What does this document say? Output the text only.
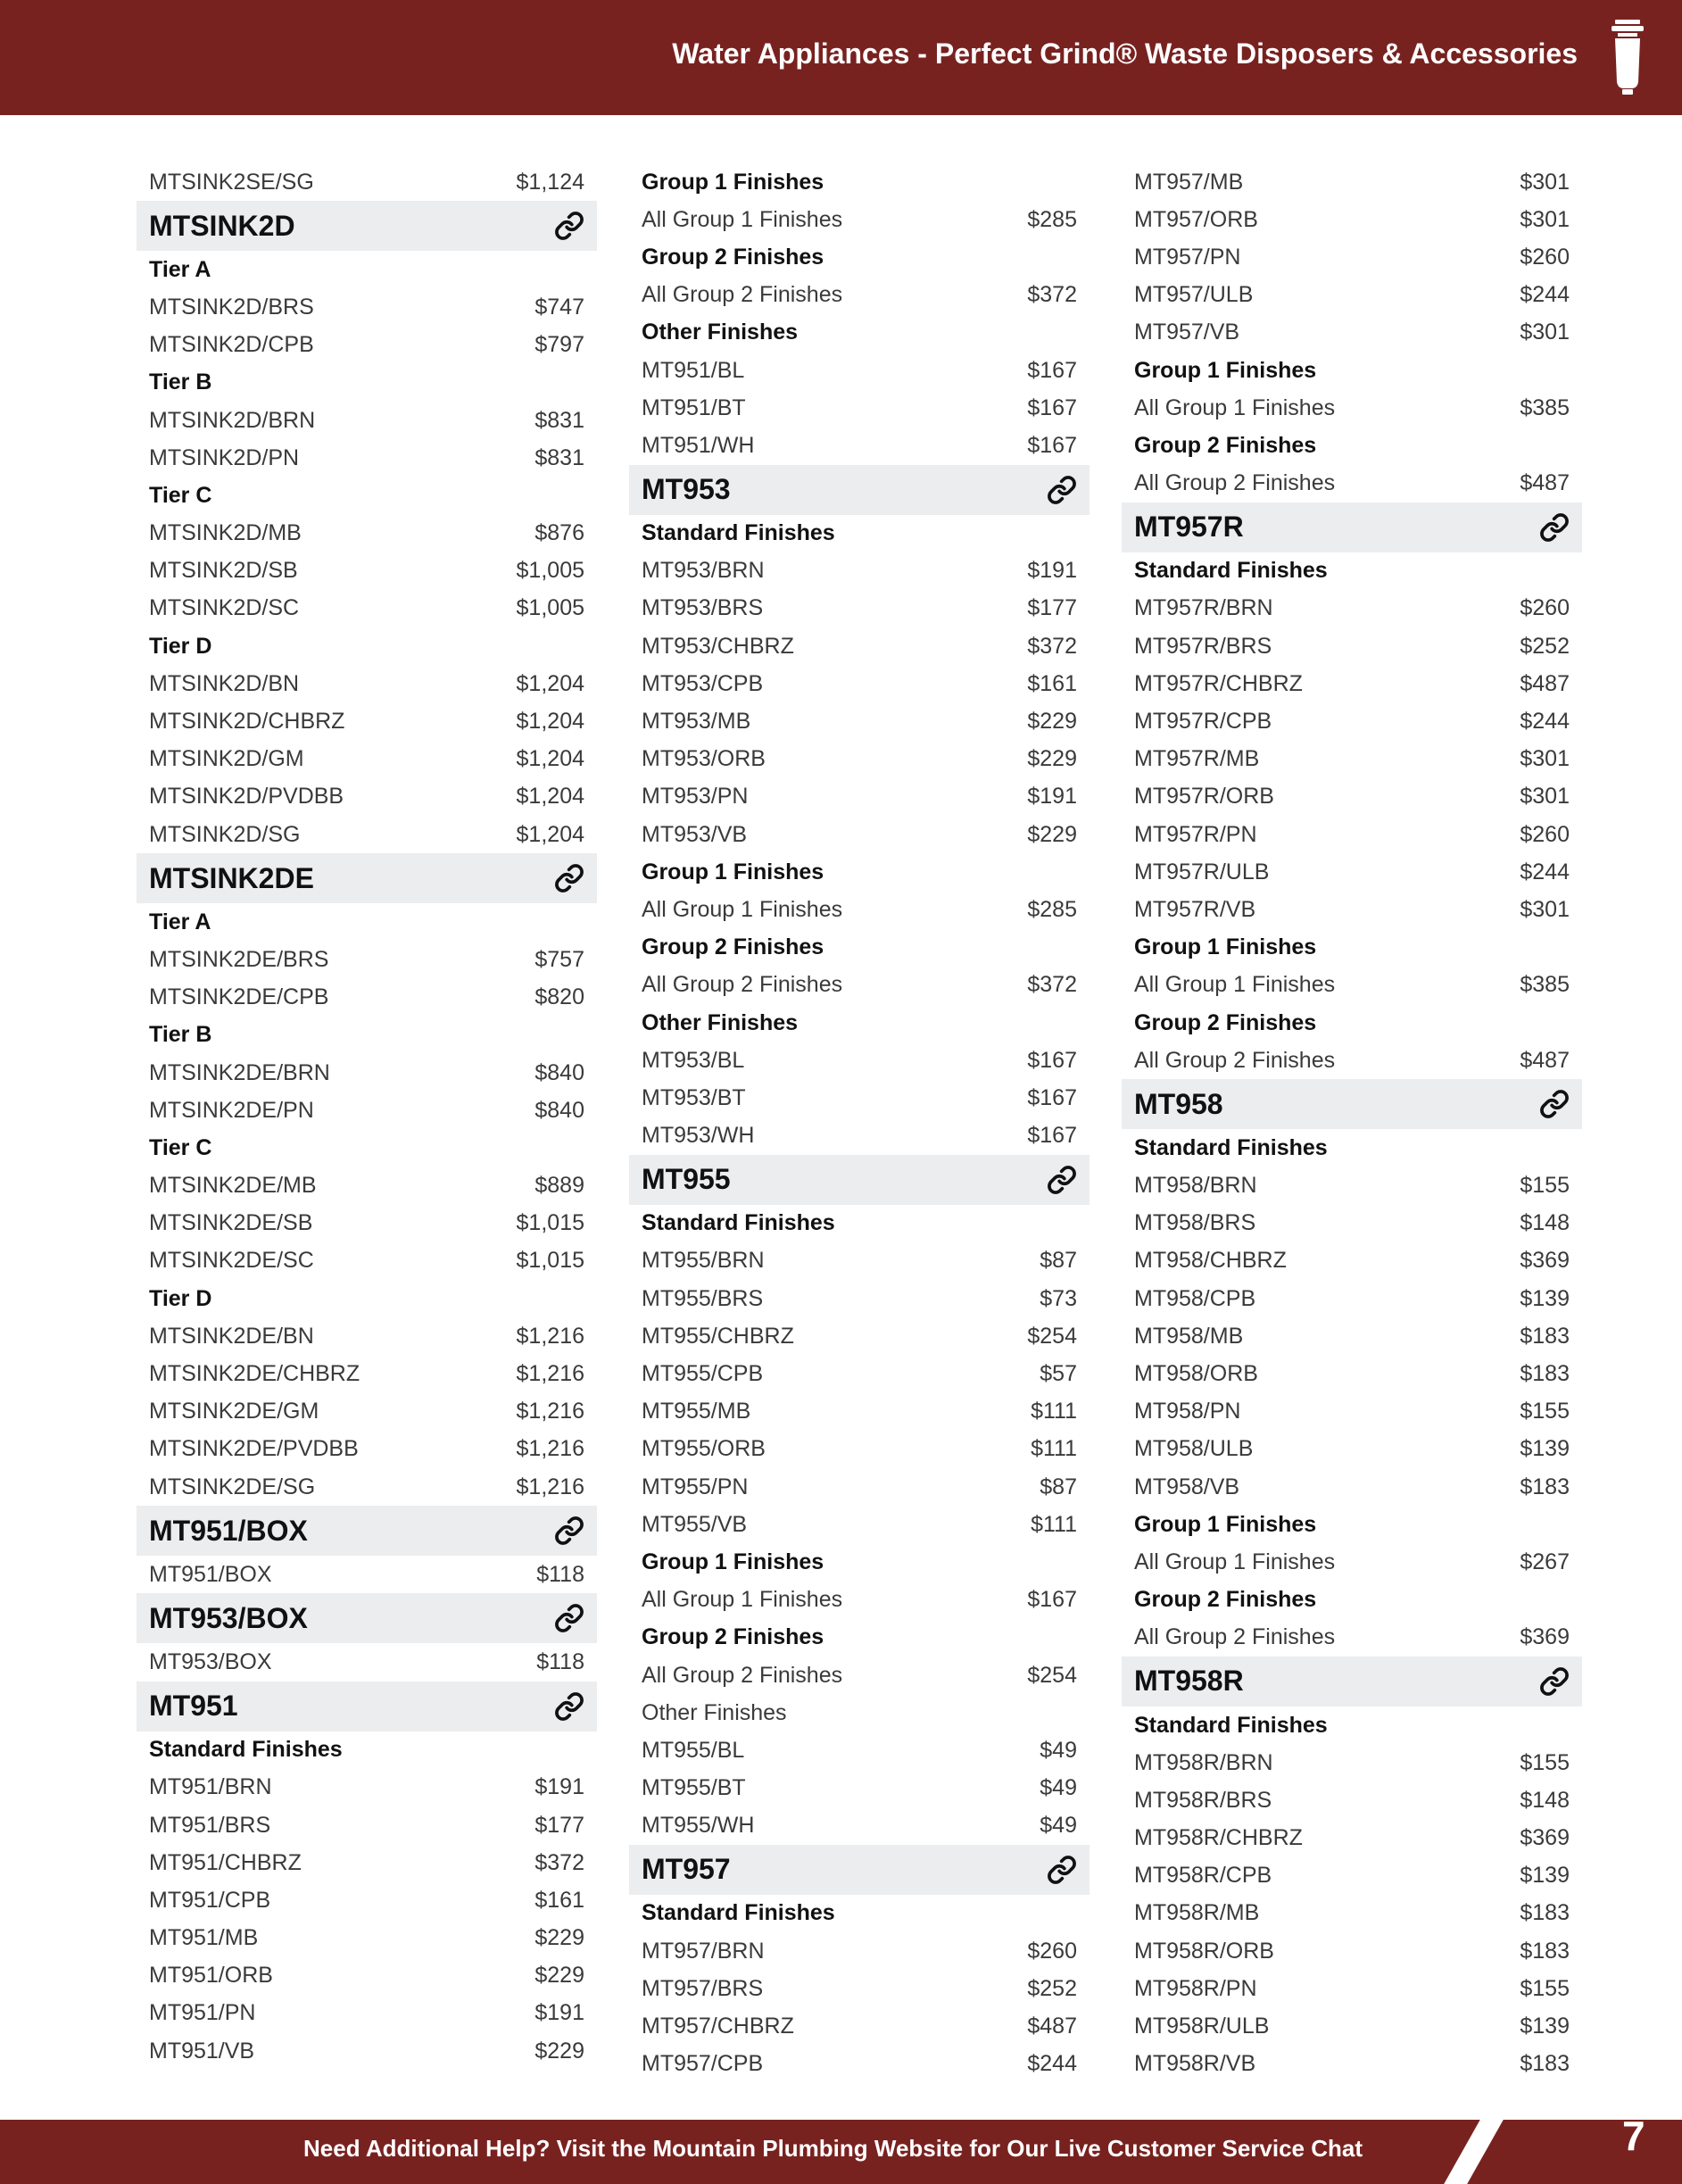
Water Appliances - Perfect Grind® Waste Disposers & Accessories
MTSINK2SE/SG	$1,124
MTSINK2D
Tier A
MTSINK2D/BRS	$747
MTSINK2D/CPB	$797
Tier B
MTSINK2D/BRN	$831
MTSINK2D/PN	$831
Tier C
MTSINK2D/MB	$876
MTSINK2D/SB	$1,005
MTSINK2D/SC	$1,005
Tier D
MTSINK2D/BN	$1,204
MTSINK2D/CHBRZ	$1,204
MTSINK2D/GM	$1,204
MTSINK2D/PVDBB	$1,204
MTSINK2D/SG	$1,204
MTSINK2DE
Tier A
MTSINK2DE/BRS	$757
MTSINK2DE/CPB	$820
Tier B
MTSINK2DE/BRN	$840
MTSINK2DE/PN	$840
Tier C
MTSINK2DE/MB	$889
MTSINK2DE/SB	$1,015
MTSINK2DE/SC	$1,015
Tier D
MTSINK2DE/BN	$1,216
MTSINK2DE/CHBRZ	$1,216
MTSINK2DE/GM	$1,216
MTSINK2DE/PVDBB	$1,216
MTSINK2DE/SG	$1,216
MT951/BOX
MT951/BOX	$118
MT953/BOX
MT953/BOX	$118
MT951
Standard Finishes
MT951/BRN	$191
MT951/BRS	$177
MT951/CHBRZ	$372
MT951/CPB	$161
MT951/MB	$229
MT951/ORB	$229
MT951/PN	$191
MT951/VB	$229
Group 1 Finishes
All Group 1 Finishes	$285
Group 2 Finishes
All Group 2 Finishes	$372
Other Finishes
MT951/BL	$167
MT951/BT	$167
MT951/WH	$167
MT953
Standard Finishes
MT953/BRN	$191
MT953/BRS	$177
MT953/CHBRZ	$372
MT953/CPB	$161
MT953/MB	$229
MT953/ORB	$229
MT953/PN	$191
MT953/VB	$229
Group 1 Finishes
All Group 1 Finishes	$285
Group 2 Finishes
All Group 2 Finishes	$372
Other Finishes
MT953/BL	$167
MT953/BT	$167
MT953/WH	$167
MT955
Standard Finishes
MT955/BRN	$87
MT955/BRS	$73
MT955/CHBRZ	$254
MT955/CPB	$57
MT955/MB	$111
MT955/ORB	$111
MT955/PN	$87
MT955/VB	$111
Group 1 Finishes
All Group 1 Finishes	$167
Group 2 Finishes
All Group 2 Finishes	$254
Other Finishes
MT955/BL	$49
MT955/BT	$49
MT955/WH	$49
MT957
Standard Finishes
MT957/BRN	$260
MT957/BRS	$252
MT957/CHBRZ	$487
MT957/CPB	$244
MT957/MB	$301
MT957/ORB	$301
MT957/PN	$260
MT957/ULB	$244
MT957/VB	$301
Group 1 Finishes
All Group 1 Finishes	$385
Group 2 Finishes
All Group 2 Finishes	$487
MT957R
Standard Finishes
MT957R/BRN	$260
MT957R/BRS	$252
MT957R/CHBRZ	$487
MT957R/CPB	$244
MT957R/MB	$301
MT957R/ORB	$301
MT957R/PN	$260
MT957R/ULB	$244
MT957R/VB	$301
Group 1 Finishes
All Group 1 Finishes	$385
Group 2 Finishes
All Group 2 Finishes	$487
MT958
Standard Finishes
MT958/BRN	$155
MT958/BRS	$148
MT958/CHBRZ	$369
MT958/CPB	$139
MT958/MB	$183
MT958/ORB	$183
MT958/PN	$155
MT958/ULB	$139
MT958/VB	$183
Group 1 Finishes
All Group 1 Finishes	$267
Group 2 Finishes
All Group 2 Finishes	$369
MT958R
Standard Finishes
MT958R/BRN	$155
MT958R/BRS	$148
MT958R/CHBRZ	$369
MT958R/CPB	$139
MT958R/MB	$183
MT958R/ORB	$183
MT958R/PN	$155
MT958R/ULB	$139
MT958R/VB	$183
Need Additional Help? Visit the Mountain Plumbing Website for Our Live Customer Service Chat	7
